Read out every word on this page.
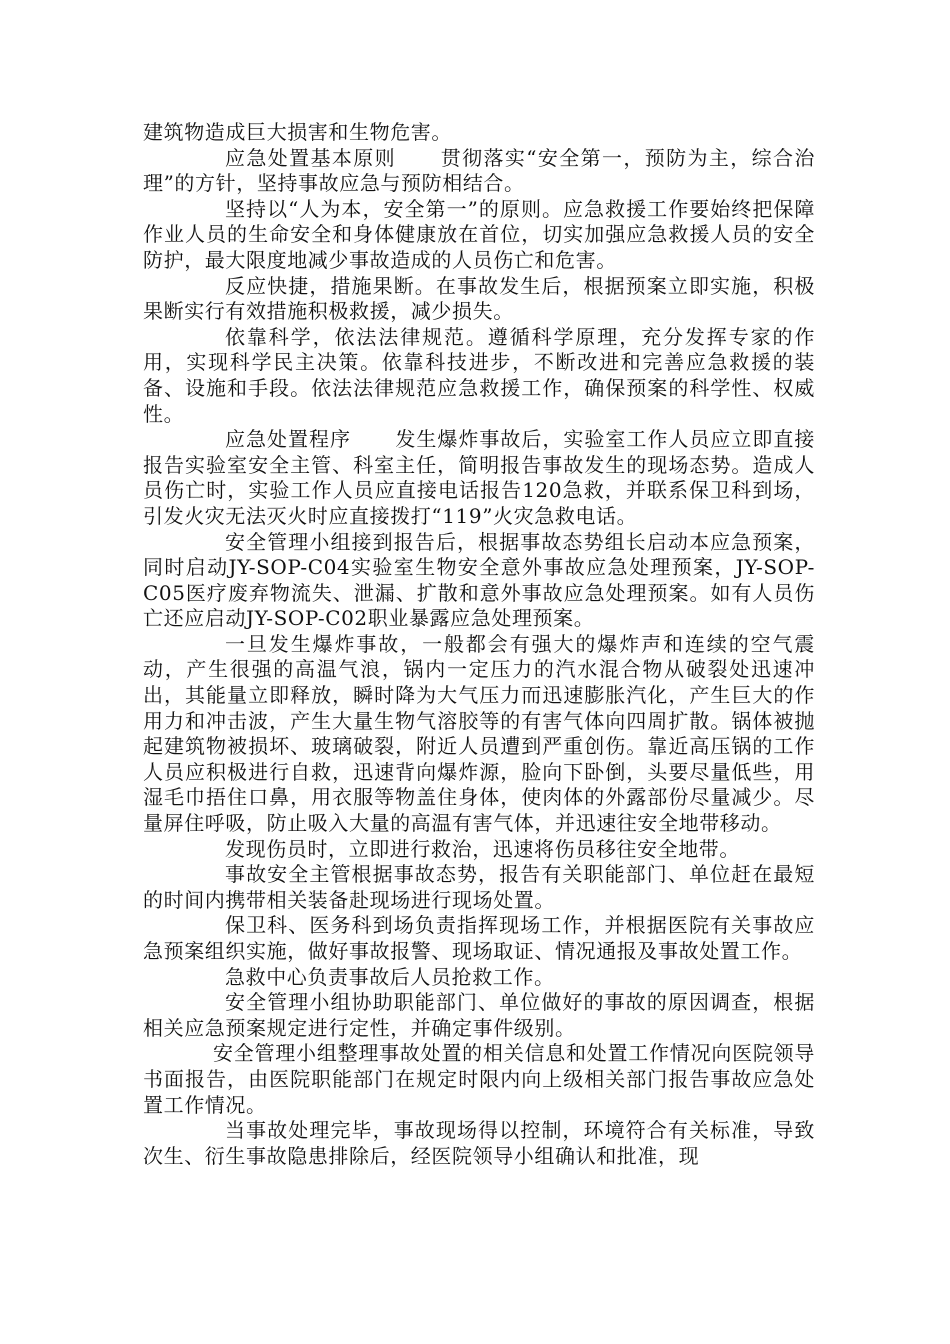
建筑物造成巨大损害和生物危害。

应急处置基本原则 贯彻落实“安全第一，预防为主，综合治理”的方针，坚持事故应急与预防相结合。

坚持以“人为本，安全第一”的原则。应急救援工作要始终把保障作业人员的生命安全和身体健康放在首位，切实加强应急救援人员的安全防护，最大限度地减少事故造成的人员伤亡和危害。

反应快捷，措施果断。在事故发生后，根据预案立即实施，积极果断实行有效措施积极救援，减少损失。

依靠科学，依法法律规范。遵循科学原理，充分发挥专家的作用，实现科学民主决策。依靠科技进步，不断改进和完善应急救援的装备、设施和手段。依法法律规范应急救援工作，确保预案的科学性、权威性。

应急处置程序 发生爆炸事故后，实验室工作人员应立即直接报告实验室安全主管、科室主任，简明报告事故发生的现场态势。造成人员伤亡时，实验工作人员应直接电话报告120急救，并联系保卫科到场，引发火灾无法灭火时应直接拨打“119”火灾急救电话。

安全管理小组接到报告后，根据事故态势组长启动本应急预案，同时启动JY-SOP-C04实验室生物安全意外事故应急处理预案，JY-SOP-C05医疗废弃物流失、泄漏、扩散和意外事故应急处理预案。如有人员伤亡还应启动JY-SOP-C02职业暴露应急处理预案。

一旦发生爆炸事故，一般都会有强大的爆炸声和连续的空气震动，产生很强的高温气浪，锅内一定压力的汽水混合物从破裂处迅速冲出，其能量立即释放，瞬时降为大气压力而迅速膨胀汽化，产生巨大的作用力和冲击波，产生大量生物气溶胶等的有害气体向四周扩散。锅体被抛起建筑物被损坏、玻璃破裂，附近人员遭到严重创伤。靠近高压锅的工作人员应积极进行自救，迅速背向爆炸源，脸向下卧倒，头要尽量低些，用湿毛巾捂住口鼻，用衣服等物盖住身体，使肉体的外露部份尽量减少。尽量屏住呼吸，防止吸入大量的高温有害气体，并迅速往安全地带移动。

发现伤员时，立即进行救治，迅速将伤员移往安全地带。

事故安全主管根据事故态势，报告有关职能部门、单位赶在最短的时间内携带相关装备赴现场进行现场处置。

保卫科、医务科到场负责指挥现场工作，并根据医院有关事故应急预案组织实施，做好事故报警、现场取证、情况通报及事故处置工作。

急救中心负责事故后人员抢救工作。

安全管理小组协助职能部门、单位做好的事故的原因调查，根据相关应急预案规定进行定性，并确定事件级别。

安全管理小组整理事故处置的相关信息和处置工作情况向医院领导书面报告，由医院职能部门在规定时限内向上级相关部门报告事故应急处置工作情况。

当事故处理完毕，事故现场得以控制，环境符合有关标准，导致次生、衍生事故隐患排除后，经医院领导小组确认和批准，现
